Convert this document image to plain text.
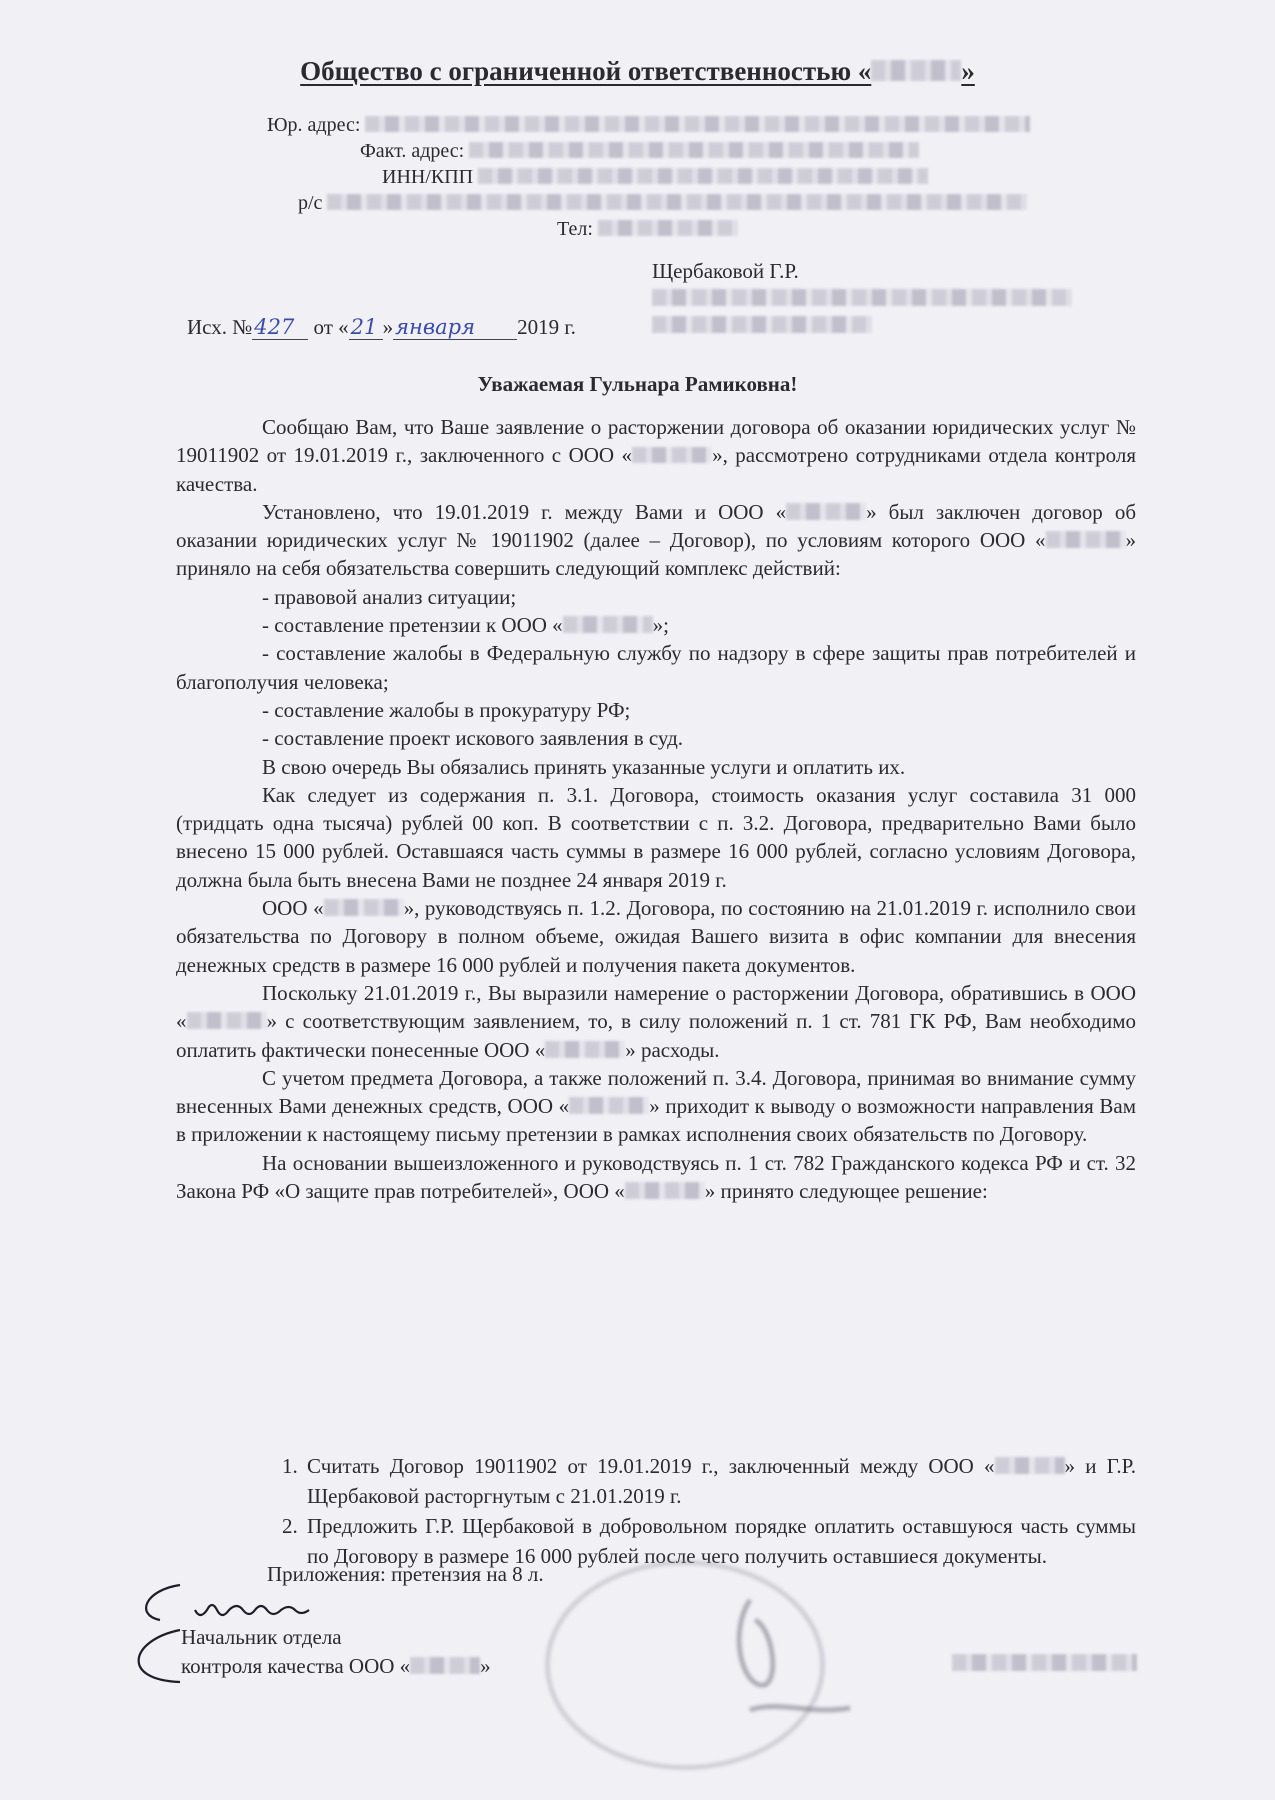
Общество с ограниченной ответственностью «	»
Юр. адрес:
Факт. адрес:
ИНН/КПП
р/с
Тел:
Щербаковой Г.Р.
Исх. №427 от «21 »января 2019 г.
Уважаемая Гульнара Рамиковна!

Сообщаю Вам, что Ваше заявление о расторжении договора об оказании юридических услуг № 19011902 от 19.01.2019 г., заключенного с ООО «	», рассмотрено сотрудниками отдела контроля качества.

Установлено, что 19.01.2019 г. между Вами и ООО «	» был заключен договор об оказании юридических услуг № 19011902 (далее – Договор), по условиям которого ООО «	» приняло на себя обязательства совершить следующий комплекс действий:

- правовой анализ ситуации;

- составление претензии к ООО «	»;

- составление жалобы в Федеральную службу по надзору в сфере защиты прав потребителей и благополучия человека;

- составление жалобы в прокуратуру РФ;

- составление проект искового заявления в суд.

В свою очередь Вы обязались принять указанные услуги и оплатить их.

Как следует из содержания п. 3.1. Договора, стоимость оказания услуг составила 31 000 (тридцать одна тысяча) рублей 00 коп. В соответствии с п. 3.2. Договора, предварительно Вами было внесено 15 000 рублей. Оставшаяся часть суммы в размере 16 000 рублей, согласно условиям Договора, должна была быть внесена Вами не позднее 24 января 2019 г.

ООО «	», руководствуясь п. 1.2. Договора, по состоянию на 21.01.2019 г. исполнило свои обязательства по Договору в полном объеме, ожидая Вашего визита в офис компании для внесения денежных средств в размере 16 000 рублей и получения пакета документов.

Поскольку 21.01.2019 г., Вы выразили намерение о расторжении Договора, обратившись в ООО «	» с соответствующим заявлением, то, в силу положений п. 1 ст. 781 ГК РФ, Вам необходимо оплатить фактически понесенные ООО «	» расходы.

С учетом предмета Договора, а также положений п. 3.4. Договора, принимая во внимание сумму внесенных Вами денежных средств, ООО «	» приходит к выводу о возможности направления Вам в приложении к настоящему письму претензии в рамках исполнения своих обязательств по Договору.

На основании вышеизложенного и руководствуясь п. 1 ст. 782 Гражданского кодекса РФ и ст. 32 Закона РФ «О защите прав потребителей», ООО «	» принято следующее решение:

1. Считать Договор 19011902 от 19.01.2019 г., заключенный между ООО «	» и Г.Р. Щербаковой расторгнутым с 21.01.2019 г.
2. Предложить Г.Р. Щербаковой в добровольном порядке оплатить оставшуюся часть суммы по Договору в размере 16 000 рублей после чего получить оставшиеся документы.
Приложения: претензия на 8 л.
Начальник отдела
контроля качества ООО «	»
